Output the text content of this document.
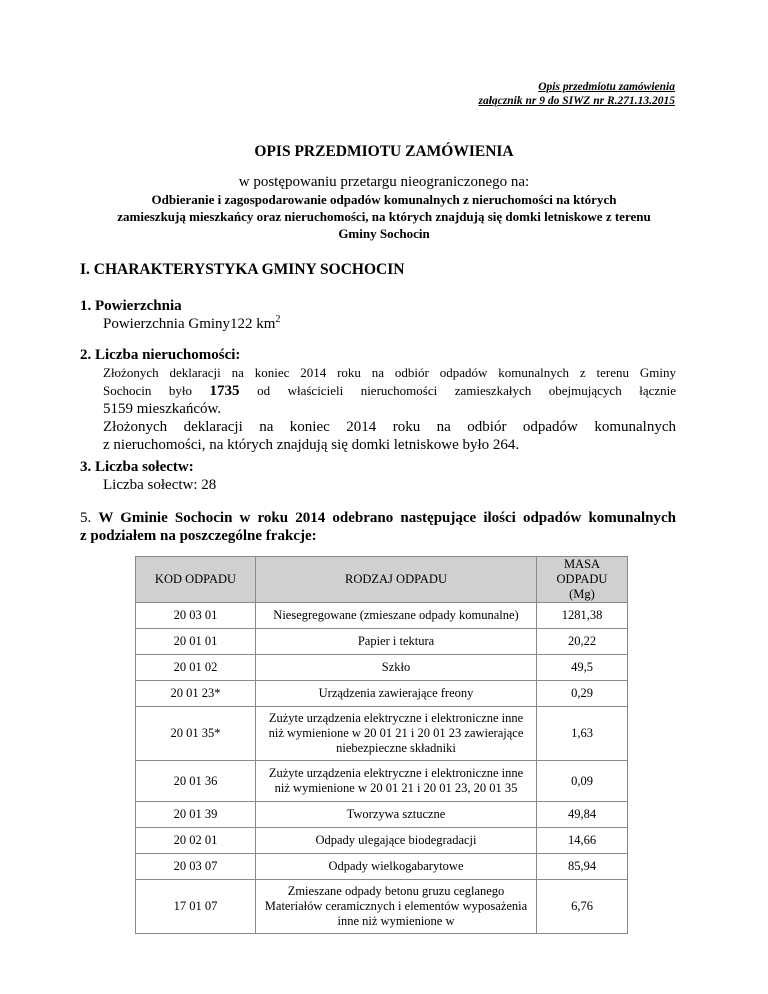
Opis przedmiotu zamówienia
załącznik nr 9 do SIWZ nr R.271.13.2015
OPIS PRZEDMIOTU ZAMÓWIENIA
w postępowaniu przetargu nieograniczonego na:
Odbieranie i zagospodarowanie odpadów komunalnych z nieruchomości na których
zamieszkują mieszkańcy oraz nieruchomości, na których znajdują się domki letniskowe z terenu
Gminy Sochocin
I. CHARAKTERYSTYKA GMINY SOCHOCIN
1. Powierzchnia
Powierzchnia Gminy122 $km^2$
2. Liczba nieruchomości:
Złożonych deklaracji na koniec 2014 roku na odbiór odpadów komunalnych z terenu Gminy
Sochocin było 1735 od właścicieli nieruchomości zamieszkałych obejmujących łącznie
5159 mieszkańców.
Złożonych deklaracji na koniec 2014 roku na odbiór odpadów komunalnych
z nieruchomości, na których znajdują się domki letniskowe było 264.
3. Liczba sołectw:
Liczba sołectw: 28
5. W Gminie Sochocin w roku 2014 odebrano następujące ilości odpadów komunalnych
z podziałem na poszczególne frakcje:
KOD ODPADU	RODZAJ ODPADU	MASA ODPADU (Mg)
20 03 01	Niesegregowane (zmieszane odpady komunalne)	1281,38
20 01 01	Papier i tektura	20,22
20 01 02	Szkło	49,5
20 01 23*	Urządzenia zawierające freony	0,29
20 01 35*	Zużyte urządzenia elektryczne i elektroniczne inne niż wymienione w 20 01 21 i 20 01 23 zawierające niebezpieczne składniki	1,63
20 01 36	Zużyte urządzenia elektryczne i elektroniczne inne niż wymienione w 20 01 21 i 20 01 23, 20 01 35	0,09
20 01 39	Tworzywa sztuczne	49,84
20 02 01	Odpady ulegające biodegradacji	14,66
20 03 07	Odpady wielkogabarytowe	85,94
17 01 07	Zmieszane odpady betonu gruzu ceglanego Materiałów ceramicznych i elementów wyposażenia inne niż wymienione w	6,76
